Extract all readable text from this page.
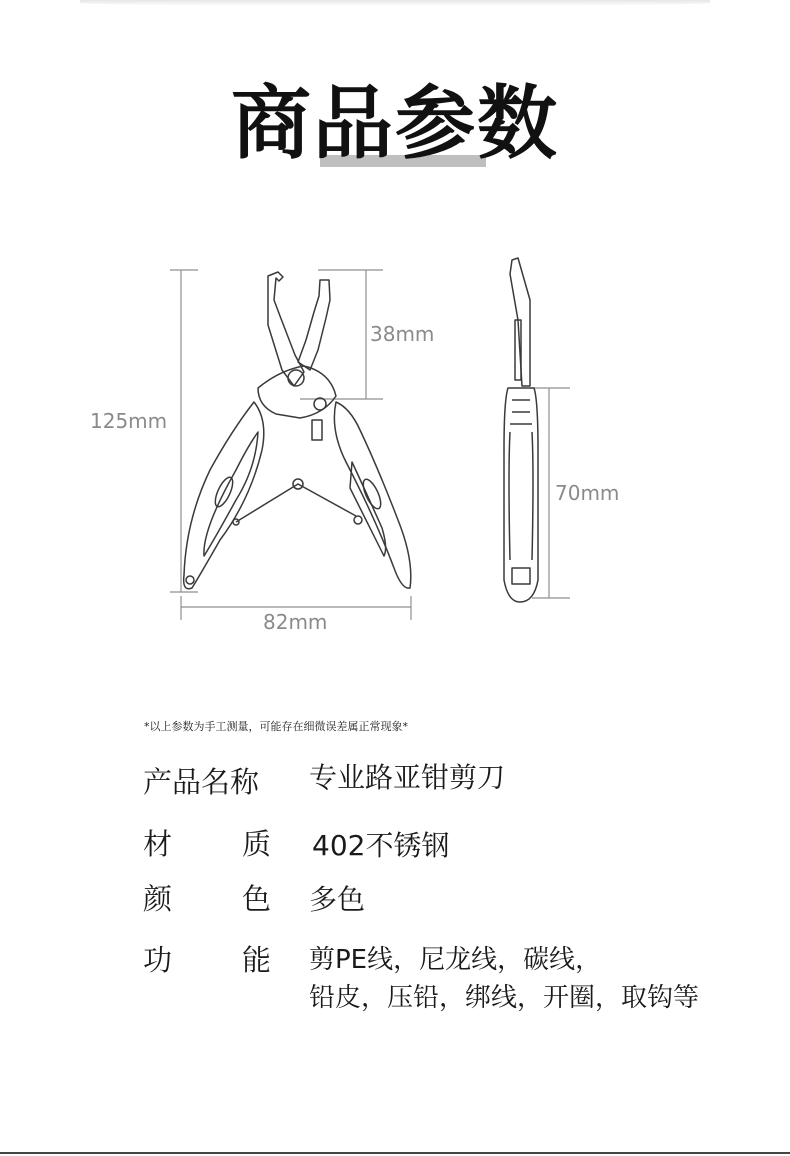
商品参数
38mm
125mm
70mm
82mm
*以上参数为手工测量，可能存在细微误差属正常现象*
产品名称 专业路亚钳剪刀
材 质 402不锈钢
颜 色 多色
功 能 剪PE线，尼龙线，碳线，
铅皮，压铅，绑线，开圈，取钩等
